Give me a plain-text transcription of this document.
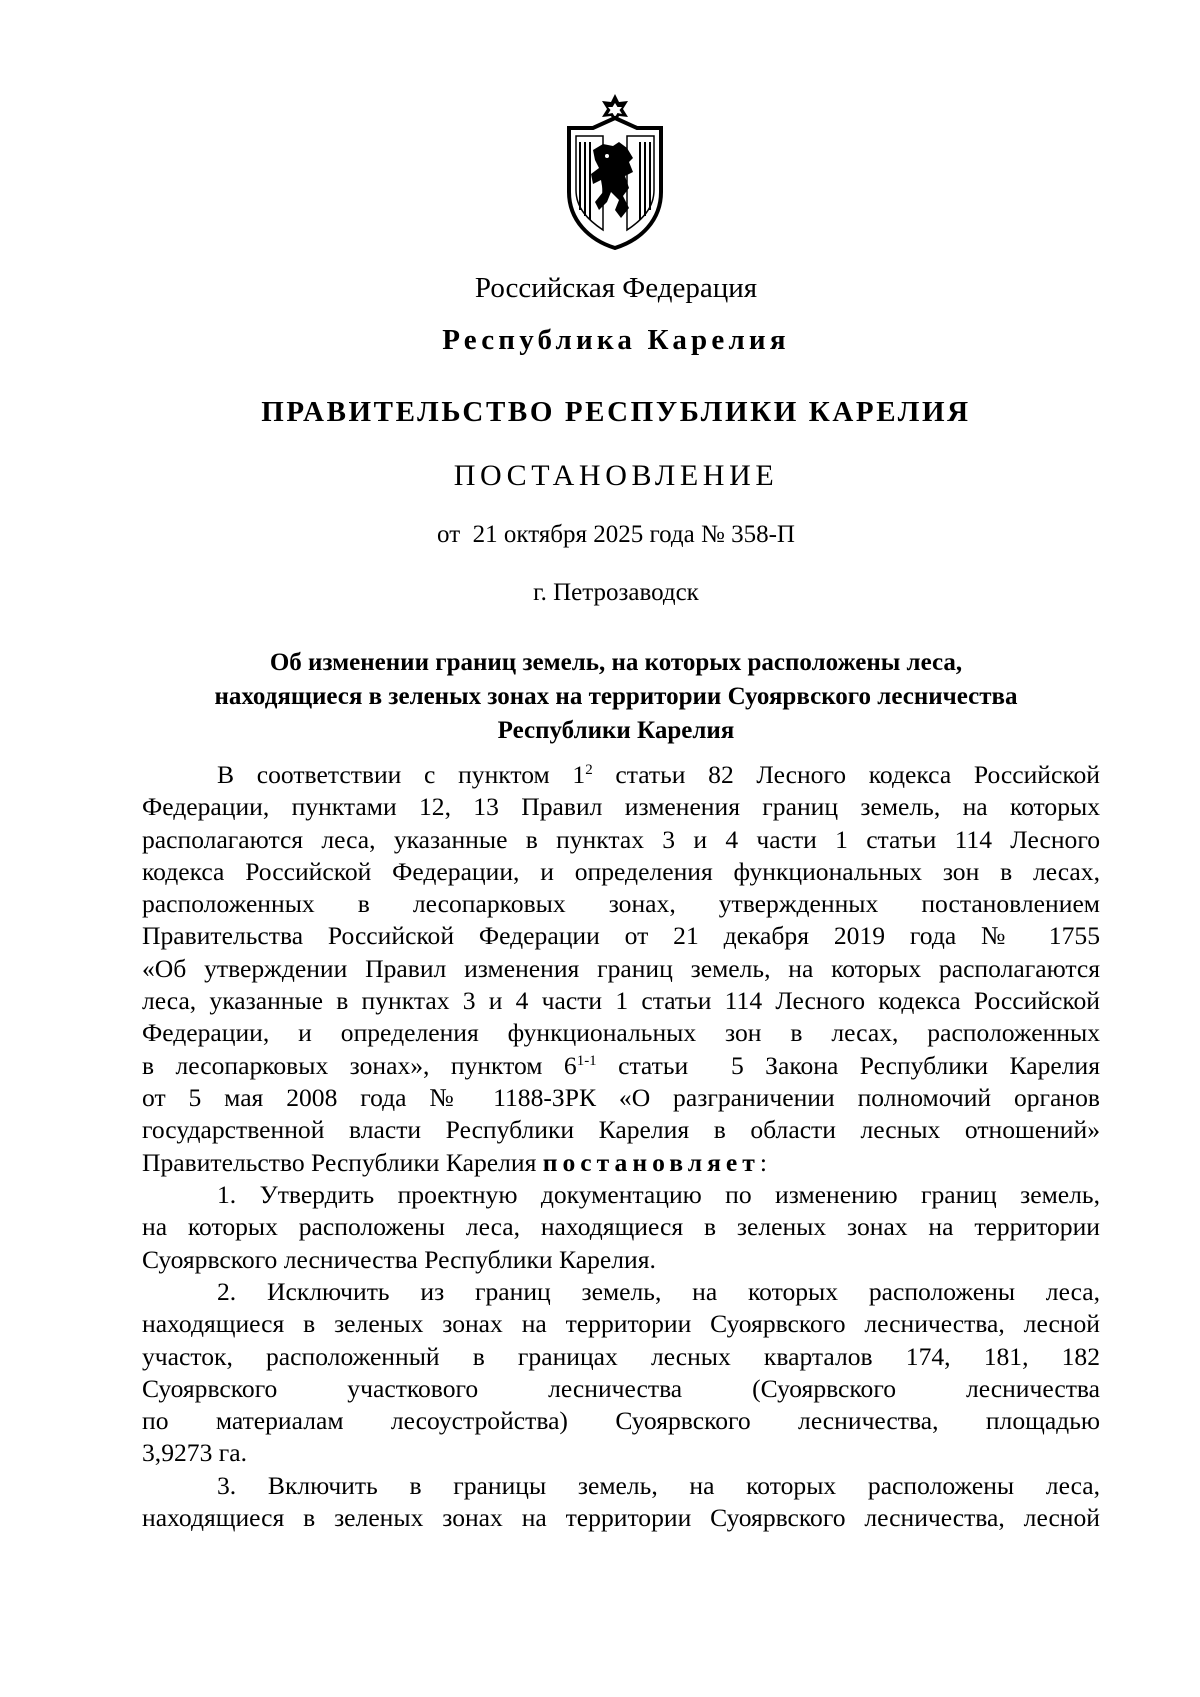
Российская Федерация
Республика Карелия
ПРАВИТЕЛЬСТВО РЕСПУБЛИКИ КАРЕЛИЯ
ПОСТАНОВЛЕНИЕ
от  21 октября 2025 года № 358-П
г. Петрозаводск
Об изменении границ земель, на которых расположены леса,
находящиеся в зеленых зонах на территории Суоярвского лесничества
Республики Карелия
В соответствии с пунктом $1^2$ статьи 82 Лесного кодекса Российской
Федерации, пунктами 12, 13 Правил изменения границ земель, на которых
располагаются леса, указанные в пунктах 3 и 4 части 1 статьи 114 Лесного
кодекса Российской Федерации, и определения функциональных зон в лесах,
расположенных в лесопарковых зонах, утвержденных постановлением
Правительства Российской Федерации от 21 декабря 2019 года № 1755
«Об утверждении Правил изменения границ земель, на которых располагаются
леса, указанные в пунктах 3 и 4 части 1 статьи 114 Лесного кодекса Российской
Федерации, и определения функциональных зон в лесах, расположенных
в лесопарковых зонах», пунктом 6$^{1-1}$ статьи  5 Закона Республики Карелия
от 5 мая 2008 года № 1188-ЗРК «О разграничении полномочий органов
государственной власти Республики Карелия в области лесных отношений»
Правительство Республики Карелия постановляет:
1. Утвердить проектную документацию по изменению границ земель,
на которых расположены леса, находящиеся в зеленых зонах на территории
Суоярвского лесничества Республики Карелия.
2. Исключить из границ земель, на которых расположены леса,
находящиеся в зеленых зонах на территории Суоярвского лесничества, лесной
участок, расположенный в границах лесных кварталов 174, 181, 182
Суоярвского участкового лесничества (Суоярвского лесничества
по материалам лесоустройства) Суоярвского лесничества, площадью
3,9273 га.
3. Включить в границы земель, на которых расположены леса,
находящиеся в зеленых зонах на территории Суоярвского лесничества, лесной
